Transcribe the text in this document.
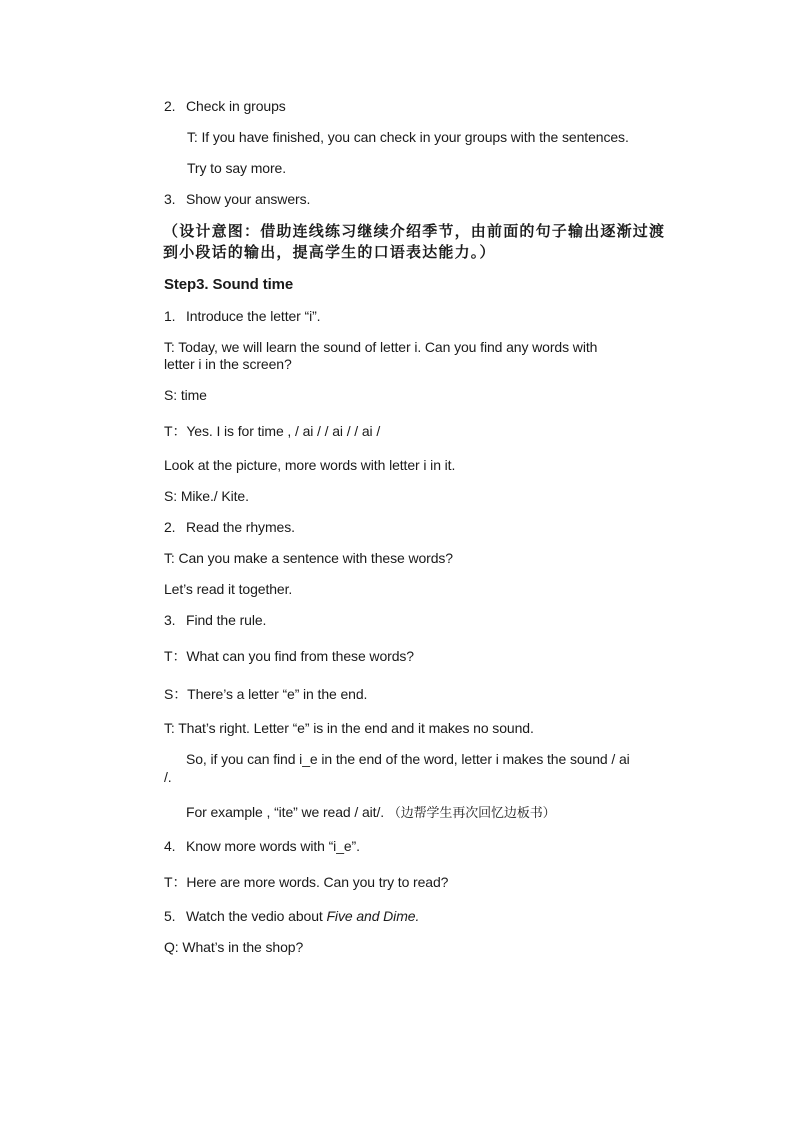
2. Check in groups
T: If you have finished, you can check in your groups with the sentences.
Try to say more.
3. Show your answers.
（设计意图：借助连线练习继续介绍季节，由前面的句子输出逐渐过渡
到小段话的输出，提高学生的口语表达能力。）
Step3. Sound time
1. Introduce the letter “i”.
T: Today, we will learn the sound of letter i. Can you find any words with
letter i in the screen?
S: time
T：Yes. I is for time , / ai / / ai / / ai /
Look at the picture, more words with letter i in it.
S: Mike./ Kite.
2. Read the rhymes.
T: Can you make a sentence with these words?
Let’s read it together.
3. Find the rule.
T：What can you find from these words?
S：There’s a letter “e” in the end.
T: That’s right. Letter “e” is in the end and it makes no sound.
So, if you can find i_e in the end of the word, letter i makes the sound / ai
/.
For example , “ite” we read / ait/. （边帮学生再次回忆边板书）
4. Know more words with “i_e”.
T：Here are more words. Can you try to read?
5. Watch the vedio about Five and Dime.
Q: What’s in the shop?
